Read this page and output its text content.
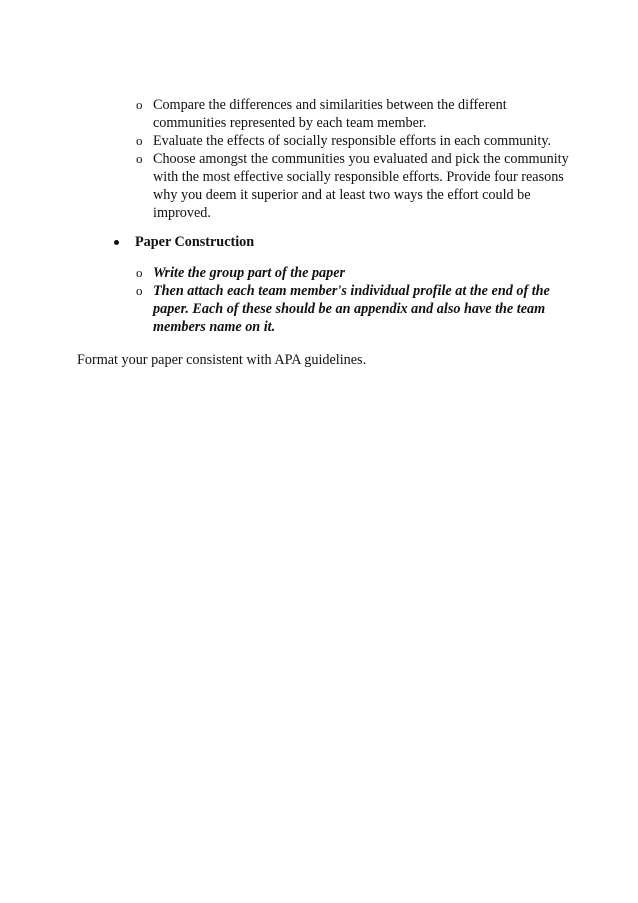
o Compare the differences and similarities between the different communities represented by each team member.
o Evaluate the effects of socially responsible efforts in each community.
o Choose amongst the communities you evaluated and pick the community with the most effective socially responsible efforts. Provide four reasons why you deem it superior and at least two ways the effort could be improved.
Paper Construction
o Write the group part of the paper
o Then attach each team member's individual profile at the end of the paper. Each of these should be an appendix and also have the team members name on it.
Format your paper consistent with APA guidelines.
